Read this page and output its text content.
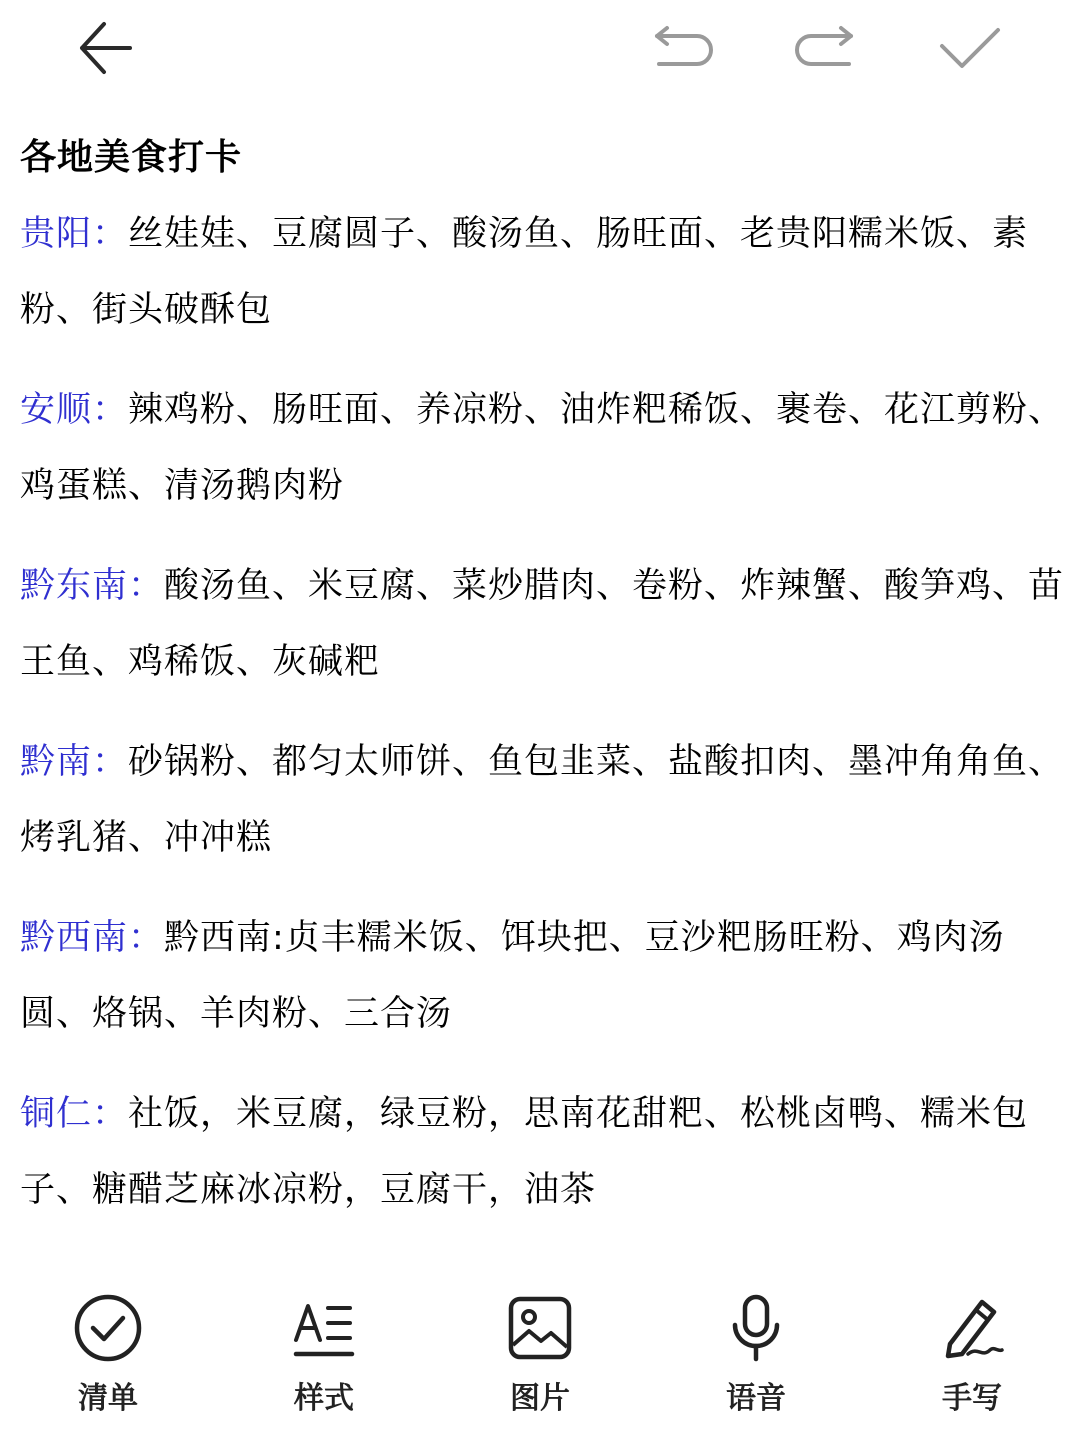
各地美食打卡
贵阳：丝娃娃、豆腐圆子、酸汤鱼、肠旺面、老贵阳糯米饭、素粉、街头破酥包
安顺：辣鸡粉、肠旺面、养凉粉、油炸粑稀饭、裹卷、花江剪粉、鸡蛋糕、清汤鹅肉粉
黔东南：酸汤鱼、米豆腐、菜炒腊肉、卷粉、炸辣蟹、酸笋鸡、苗王鱼、鸡稀饭、灰碱粑
黔南：砂锅粉、都匀太师饼、鱼包韭菜、盐酸扣肉、墨冲角角鱼、烤乳猪、冲冲糕
黔西南：黔西南:贞丰糯米饭、饵块把、豆沙粑肠旺粉、鸡肉汤圆、烙锅、羊肉粉、三合汤
铜仁：社饭，米豆腐，绿豆粉，思南花甜粑、松桃卤鸭、糯米包子、糖醋芝麻冰凉粉，豆腐干，油茶
清单	样式	图片	语音	手写
